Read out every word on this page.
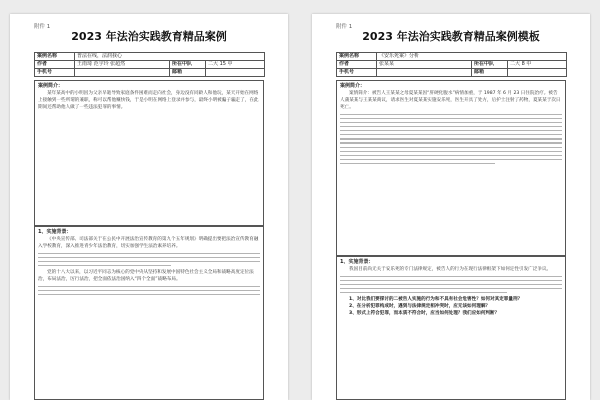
附件 1
2023 年法治实践教育精品案例
案例名称	普法在线，法润我心		
作者	王雨琦 范宇玲 张超然	所在中队	二大 15 中
手机号		邮箱	
案例简介：

某年某高中的小明因为父亲早逝导致家庭条件困难而走向社会，身边没有同龄人和他玩，某天开始在网络上接触到一些所谓的兼职，称可以帮他赚快钱，于是小明在网络上登录并参与，最终小明被骗子骗走了，在此期间还帮助他人做了一些违法犯罪的事情。

1、实施背景：

《中央宣传部、司法部关于在公民中开展法治宣传教育的第九个五年规划》明确提出要把法治宣传教育融入学校教育，深入推进青少年法治教育，切实加强学生法治素养培养。

党的十八大以来，以习近平同志为核心的党中央从坚持和发展中国特色社会主义全局和战略高度定位法治，布局法治，厉行法治，把全面依法治国纳入“四个全面”战略布局。

附件 1
2023 年法治实践教育精品案例模板
案例名称	《安乐死案》分析		
作者	张某某	所在中队	二大 8 中
手机号		邮箱	
案例简介：

案情简介：被告人王某某之母夏某某因“肝硬化腹水”病情加重，于 1987 年 6 月 23 日住院治疗。被告人蒲某某与王某某商议，请求医生对夏某某实施安乐死，医生开具了处方，后护士注射了药物，夏某某于次日死亡。

1、实施背景：

我国目前尚无关于安乐死的专门法律规定，被告人的行为在现行法律框架下如何定性引发广泛争议。

1、对比我们要探讨的二被告人实施的行为和不具有社会危害性？如何对其定罪量刑？

2、在分析犯罪构成时，遇到与法律规定相冲突时，应无该如何理解？

3、形式上符合犯罪，而本质不符合时，应当如何处理？我们应如何判断？
